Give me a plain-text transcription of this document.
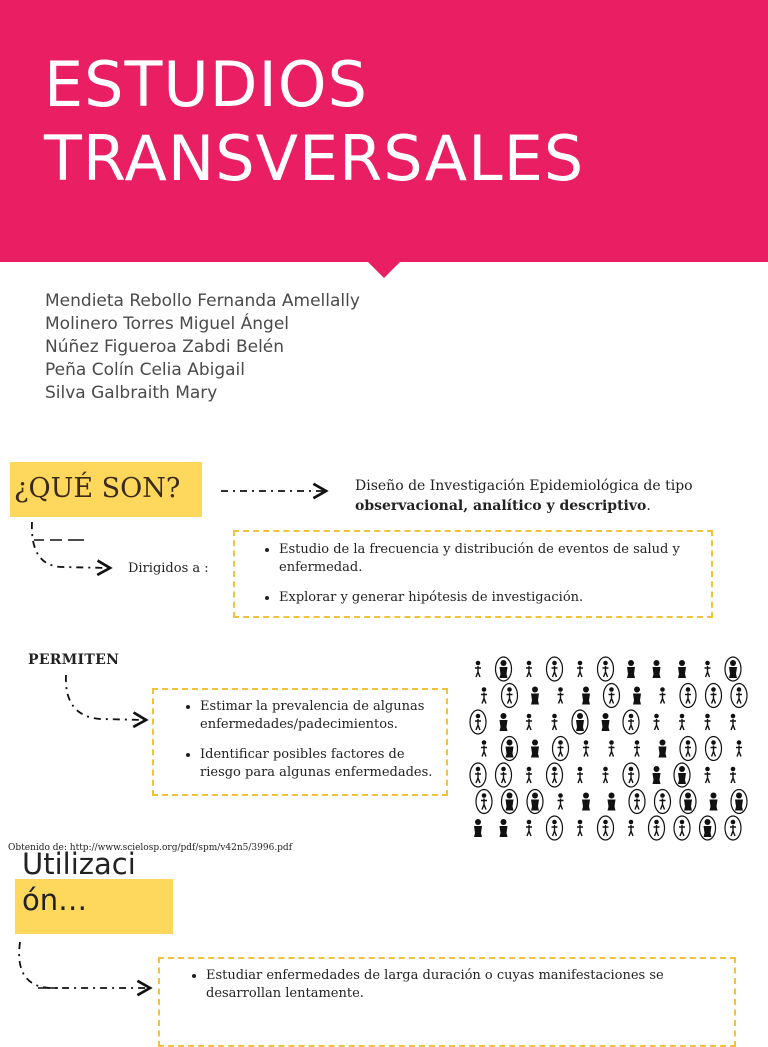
ESTUDIOS
TRANSVERSALES
Mendieta Rebollo Fernanda Amellally
Molinero Torres Miguel Ángel
Núñez Figueroa Zabdi Belén
Peña Colín Celia Abigail
Silva Galbraith Mary
¿QUÉ SON?	Diseño de Investigación Epidemiológica de tipo
observacional, analítico y descriptivo.
Dirigidos a :
• Estudio de la frecuencia y distribución de eventos de salud y enfermedad.
• Explorar y generar hipótesis de investigación.
PERMITEN
• Estimar la prevalencia de algunas enfermedades/padecimientos.
• Identificar posibles factores de riesgo para algunas enfermedades.
Obtenido de: http://www.scielosp.org/pdf/spm/v42n5/3996.pdf
Utilizaci
ón…
• Estudiar enfermedades de larga duración o cuyas manifestaciones se desarrollan lentamente.
